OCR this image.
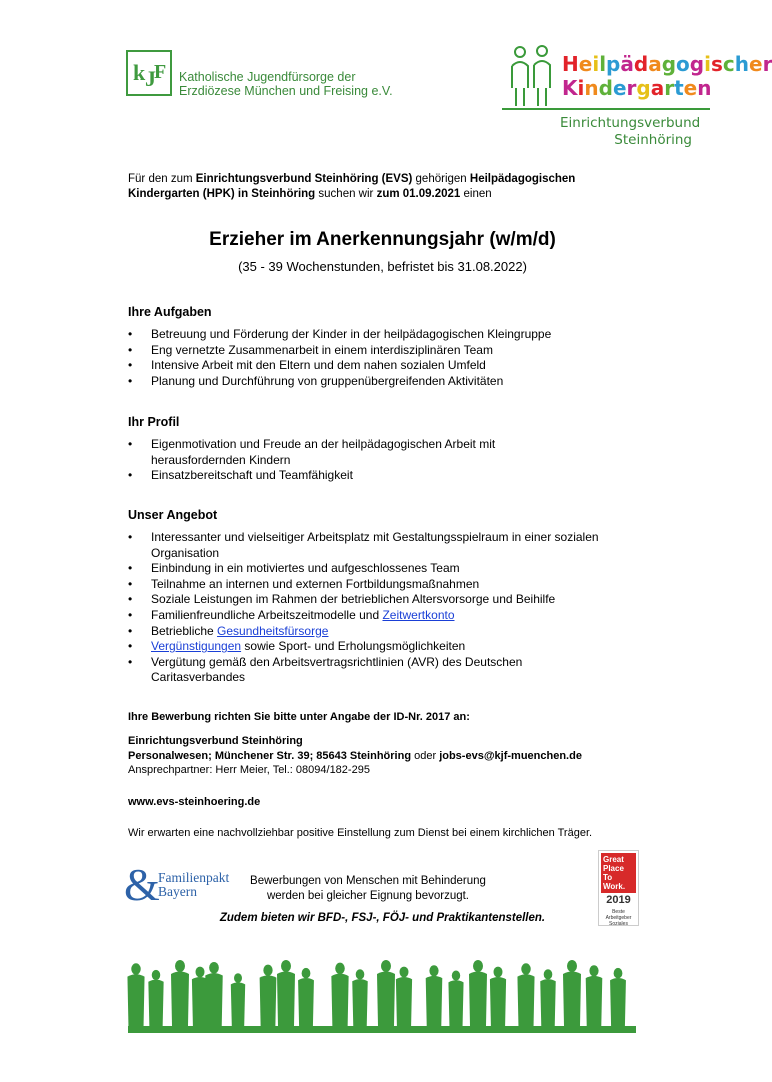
k J
F Katholische Jugendfürsorge der
Erzdiözese München und Freising e.V.
Heilpädagogischer
Kindergarten
Einrichtungsverbund
Steinhöring
Für den zum Einrichtungsverbund Steinhöring (EVS) gehörigen Heilpädagogischen Kindergarten (HPK) in Steinhöring suchen wir zum 01.09.2021 einen
Erzieher im Anerkennungsjahr (w/m/d)
(35 - 39 Wochenstunden, befristet bis 31.08.2022)
Ihre Aufgaben
• Betreuung und Förderung der Kinder in der heilpädagogischen Kleingruppe
• Eng vernetzte Zusammenarbeit in einem interdisziplinären Team
• Intensive Arbeit mit den Eltern und dem nahen sozialen Umfeld
• Planung und Durchführung von gruppenübergreifenden Aktivitäten
Ihr Profil
• Eigenmotivation und Freude an der heilpädagogischen Arbeit mit herausfordernden Kindern
• Einsatzbereitschaft und Teamfähigkeit
Unser Angebot
• Interessanter und vielseitiger Arbeitsplatz mit Gestaltungsspielraum in einer sozialen Organisation
• Einbindung in ein motiviertes und aufgeschlossenes Team
• Teilnahme an internen und externen Fortbildungsmaßnahmen
• Soziale Leistungen im Rahmen der betrieblichen Altersvorsorge und Beihilfe
• Familienfreundliche Arbeitszeitmodelle und Zeitwertkonto
• Betriebliche Gesundheitsfürsorge
• Vergünstigungen sowie Sport- und Erholungsmöglichkeiten
• Vergütung gemäß den Arbeitsvertragsrichtlinien (AVR) des Deutschen Caritasverbandes
Ihre Bewerbung richten Sie bitte unter Angabe der ID-Nr. 2017 an:
Einrichtungsverbund Steinhöring
Personalwesen; Münchener Str. 39; 85643 Steinhöring oder jobs-evs@kjf-muenchen.de
Ansprechpartner: Herr Meier, Tel.: 08094/182-295
www.evs-steinhoering.de
Wir erwarten eine nachvollziehbar positive Einstellung zum Dienst bei einem kirchlichen Träger.
&
Familienpakt
Bayern
Bewerbungen von Menschen mit Behinderung
werden bei gleicher Eignung bevorzugt.
Great
Place
To
Work.
2019
Beste Arbeitgeber
Soziales
Zudem bieten wir BFD-, FSJ-, FÖJ- und Praktikantenstellen.
